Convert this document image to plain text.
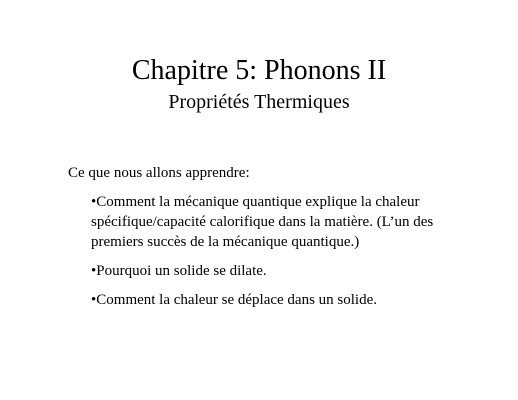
Chapitre 5: Phonons II
Propriétés Thermiques
Ce que nous allons apprendre:
•Comment la mécanique quantique explique la chaleur spécifique/capacité calorifique dans la matière. (L’un des premiers succès de la mécanique quantique.)
•Pourquoi un solide se dilate.
•Comment la chaleur se déplace dans un solide.
